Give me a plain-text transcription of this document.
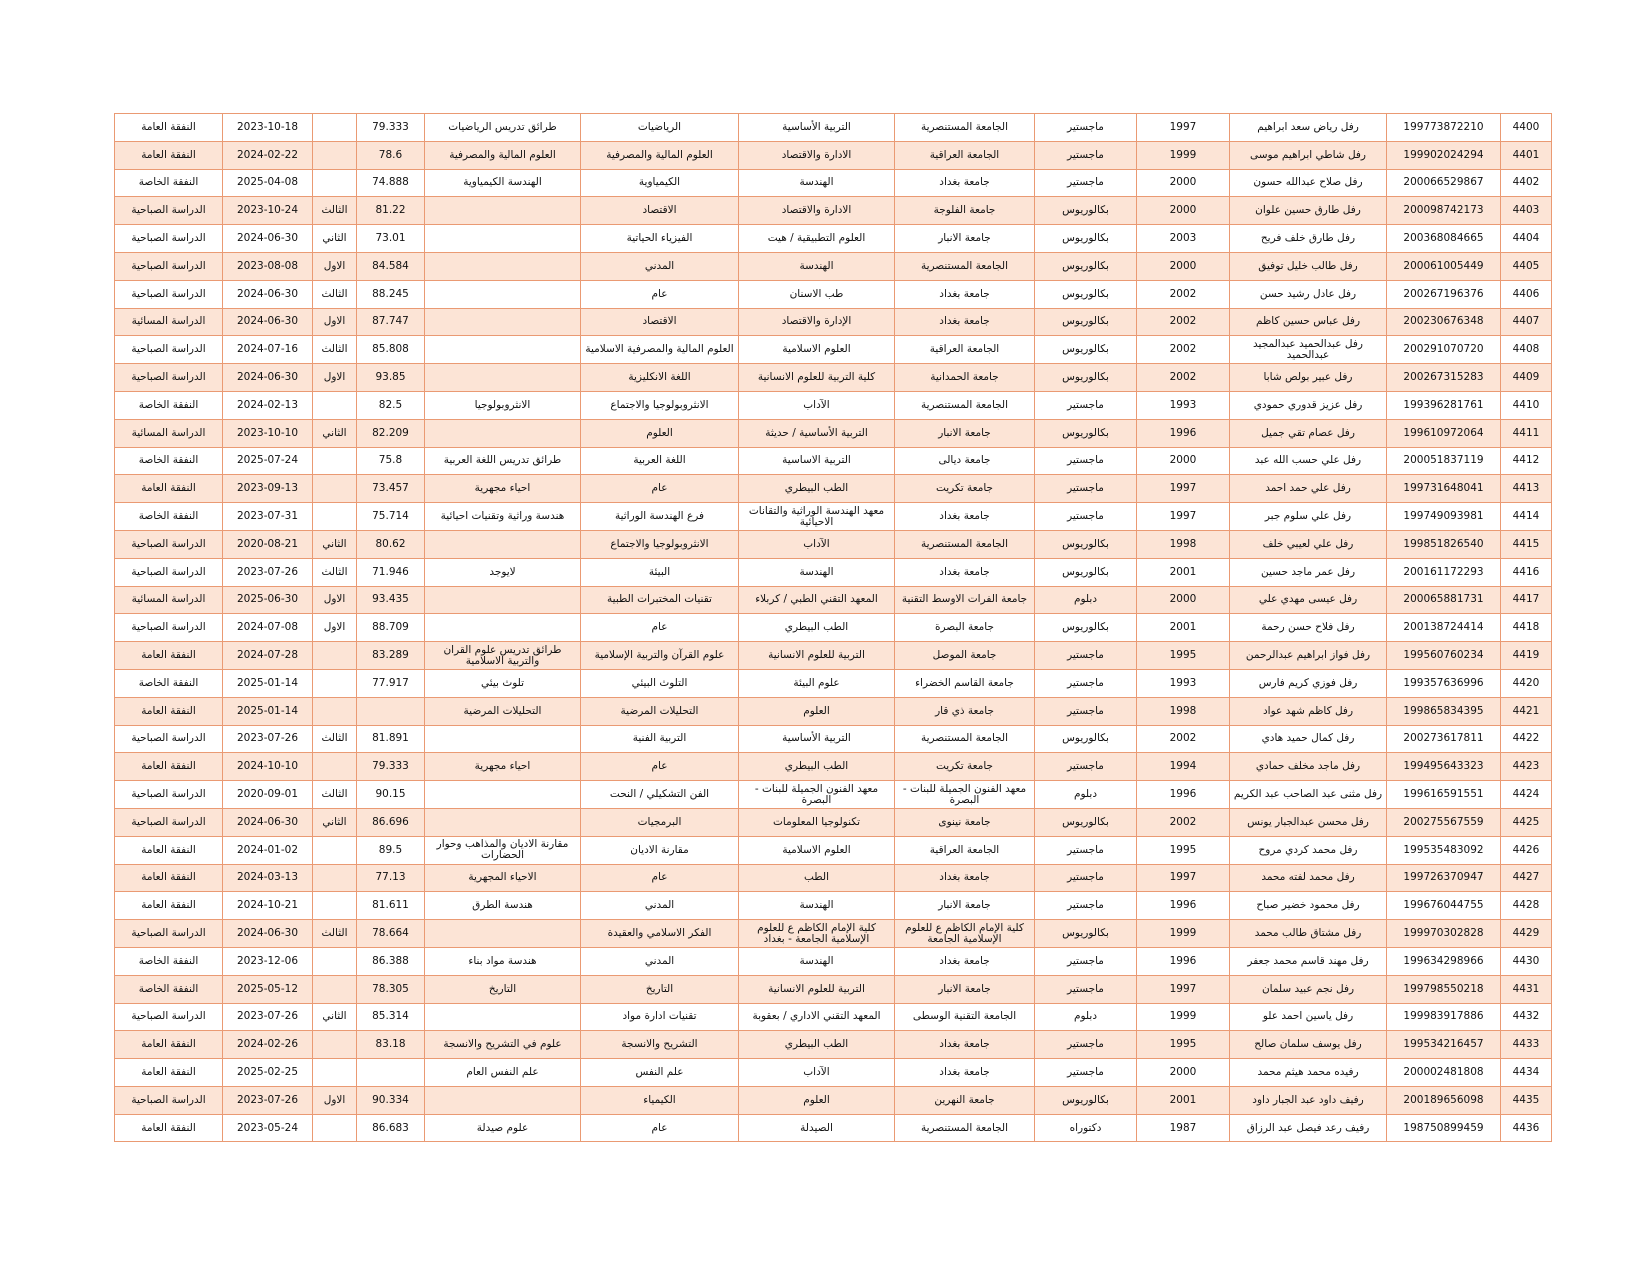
النفقة العامة	2023-10-18		79.333	طرائق تدريس الرياضيات	الرياضيات	التربية الأساسية	الجامعة المستنصرية	ماجستير	1997	رفل رياض سعد ابراهيم	199773872210	4400
النفقة العامة	2024-02-22		78.6	العلوم المالية والمصرفية	العلوم المالية والمصرفية	الادارة والاقتصاد	الجامعة العراقية	ماجستير	1999	رفل شاطي ابراهيم موسى	199902024294	4401
النفقة الخاصة	2025-04-08		74.888	الهندسة الكيمياوية	الكيمياوية	الهندسة	جامعة بغداد	ماجستير	2000	رفل صلاح عبدالله حسون	200066529867	4402
الدراسة الصباحية	2023-10-24	الثالث	81.22		الاقتصاد	الادارة والاقتصاد	جامعة الفلوجة	بكالوريوس	2000	رفل طارق حسين علوان	200098742173	4403
الدراسة الصباحية	2024-06-30	الثاني	73.01		الفيزياء الحياتية	العلوم التطبيقية / هيت	جامعة الانبار	بكالوريوس	2003	رفل طارق خلف فريح	200368084665	4404
الدراسة الصباحية	2023-08-08	الاول	84.584		المدني	الهندسة	الجامعة المستنصرية	بكالوريوس	2000	رفل طالب خليل توفيق	200061005449	4405
الدراسة الصباحية	2024-06-30	الثالث	88.245		عام	طب الاسنان	جامعة بغداد	بكالوريوس	2002	رفل عادل رشيد حسن	200267196376	4406
الدراسة المسائية	2024-06-30	الاول	87.747		الاقتصاد	الإدارة والاقتصاد	جامعة بغداد	بكالوريوس	2002	رفل عباس حسين كاظم	200230676348	4407
الدراسة الصباحية	2024-07-16	الثالث	85.808		العلوم المالية والمصرفية الاسلامية	العلوم الاسلامية	الجامعة العراقية	بكالوريوس	2002	رفل عبدالحميد عبدالمجيد عبدالحميد	200291070720	4408
الدراسة الصباحية	2024-06-30	الاول	93.85		اللغة الانكليزية	كلية التربية للعلوم الانسانية	جامعة الحمدانية	بكالوريوس	2002	رفل عبير بولص شابا	200267315283	4409
النفقة الخاصة	2024-02-13		82.5	الانثروبولوجيا	الانثروبولوجيا والاجتماع	الآداب	الجامعة المستنصرية	ماجستير	1993	رفل عزيز قدوري حمودي	199396281761	4410
الدراسة المسائية	2023-10-10	الثاني	82.209		العلوم	التربية الأساسية / حديثة	جامعة الانبار	بكالوريوس	1996	رفل عصام تقي جميل	199610972064	4411
النفقة الخاصة	2025-07-24		75.8	طرائق تدريس اللغة العربية	اللغة العربية	التربية الاساسية	جامعة ديالى	ماجستير	2000	رفل علي حسب الله عبد	200051837119	4412
النفقة العامة	2023-09-13		73.457	احياء مجهرية	عام	الطب البيطري	جامعة تكريت	ماجستير	1997	رفل علي حمد احمد	199731648041	4413
النفقة الخاصة	2023-07-31		75.714	هندسة وراثية وتقنيات احيائية	فرع الهندسة الوراثية	معهد الهندسة الوراثية والتقانات الاحيائية	جامعة بغداد	ماجستير	1997	رفل علي سلوم جبر	199749093981	4414
الدراسة الصباحية	2020-08-21	الثاني	80.62		الانثروبولوجيا والاجتماع	الآداب	الجامعة المستنصرية	بكالوريوس	1998	رفل علي لعيبي خلف	199851826540	4415
الدراسة الصباحية	2023-07-26	الثالث	71.946	لايوجد	البيئة	الهندسة	جامعة بغداد	بكالوريوس	2001	رفل عمر ماجد حسين	200161172293	4416
الدراسة المسائية	2025-06-30	الاول	93.435		تقنيات المختبرات الطبية	المعهد التقني الطبي / كربلاء	جامعة الفرات الاوسط التقنية	دبلوم	2000	رفل عيسى مهدي علي	200065881731	4417
الدراسة الصباحية	2024-07-08	الاول	88.709		عام	الطب البيطري	جامعة البصرة	بكالوريوس	2001	رفل فلاح حسن رحمة	200138724414	4418
النفقة العامة	2024-07-28		83.289	طرائق تدريس علوم القران والتربية الاسلامية	علوم القرآن والتربية الإسلامية	التربية للعلوم الانسانية	جامعة الموصل	ماجستير	1995	رفل فواز ابراهيم عبدالرحمن	199560760234	4419
النفقة الخاصة	2025-01-14		77.917	تلوث بيئي	التلوث البيئي	علوم البيئة	جامعة القاسم الخضراء	ماجستير	1993	رفل فوزي كريم فارس	199357636996	4420
النفقة العامة	2025-01-14			التحليلات المرضية	التحليلات المرضية	العلوم	جامعة ذي قار	ماجستير	1998	رفل كاظم شهد عواد	199865834395	4421
الدراسة الصباحية	2023-07-26	الثالث	81.891		التربية الفنية	التربية الأساسية	الجامعة المستنصرية	بكالوريوس	2002	رفل كمال حميد هادي	200273617811	4422
النفقة العامة	2024-10-10		79.333	احياء مجهرية	عام	الطب البيطري	جامعة تكريت	ماجستير	1994	رفل ماجد مخلف حمادي	199495643323	4423
الدراسة الصباحية	2020-09-01	الثالث	90.15		الفن التشكيلي / النحت	معهد الفنون الجميلة للبنات - البصرة	معهد الفنون الجميلة للبنات - البصرة	دبلوم	1996	رفل مثنى عبد الصاحب عبد الكريم	199616591551	4424
الدراسة الصباحية	2024-06-30	الثاني	86.696		البرمجيات	تكنولوجيا المعلومات	جامعة نينوى	بكالوريوس	2002	رفل محسن عبدالجبار يونس	200275567559	4425
النفقة العامة	2024-01-02		89.5	مقارنة الاديان والمذاهب وحوار الحضارات	مقارنة الاديان	العلوم الاسلامية	الجامعة العراقية	ماجستير	1995	رفل محمد كردي مروح	199535483092	4426
النفقة العامة	2024-03-13		77.13	الاحياء المجهرية	عام	الطب	جامعة بغداد	ماجستير	1997	رفل محمد لفته محمد	199726370947	4427
النفقة العامة	2024-10-21		81.611	هندسة الطرق	المدني	الهندسة	جامعة الانبار	ماجستير	1996	رفل محمود خضير صباح	199676044755	4428
الدراسة الصباحية	2024-06-30	الثالث	78.664		الفكر الاسلامي والعقيدة	كلية الإمام الكاظم ع للعلوم الإسلامية الجامعة - بغداد	كلية الإمام الكاظم ع للعلوم الإسلامية الجامعة	بكالوريوس	1999	رفل مشتاق طالب محمد	199970302828	4429
النفقة الخاصة	2023-12-06		86.388	هندسة مواد بناء	المدني	الهندسة	جامعة بغداد	ماجستير	1996	رفل مهند قاسم محمد جعفر	199634298966	4430
النفقة الخاصة	2025-05-12		78.305	التاريخ	التاريخ	التربية للعلوم الانسانية	جامعة الانبار	ماجستير	1997	رفل نجم عبيد سلمان	199798550218	4431
الدراسة الصباحية	2023-07-26	الثاني	85.314		تقنيات ادارة مواد	المعهد التقني الاداري / بعقوبة	الجامعة التقنية الوسطى	دبلوم	1999	رفل ياسين احمد علو	199983917886	4432
النفقة العامة	2024-02-26		83.18	علوم في التشريح والانسجة	التشريح والانسجة	الطب البيطري	جامعة بغداد	ماجستير	1995	رفل يوسف سلمان صالح	199534216457	4433
النفقة العامة	2025-02-25			علم النفس العام	علم النفس	الآداب	جامعة بغداد	ماجستير	2000	رفيده محمد هيثم محمد	200002481808	4434
الدراسة الصباحية	2023-07-26	الاول	90.334		الكيمياء	العلوم	جامعة النهرين	بكالوريوس	2001	رفيف داود عبد الجبار داود	200189656098	4435
النفقة العامة	2023-05-24		86.683	علوم صيدلة	عام	الصيدلة	الجامعة المستنصرية	دكتوراه	1987	رفيف رعد فيصل عبد الرزاق	198750899459	4436
